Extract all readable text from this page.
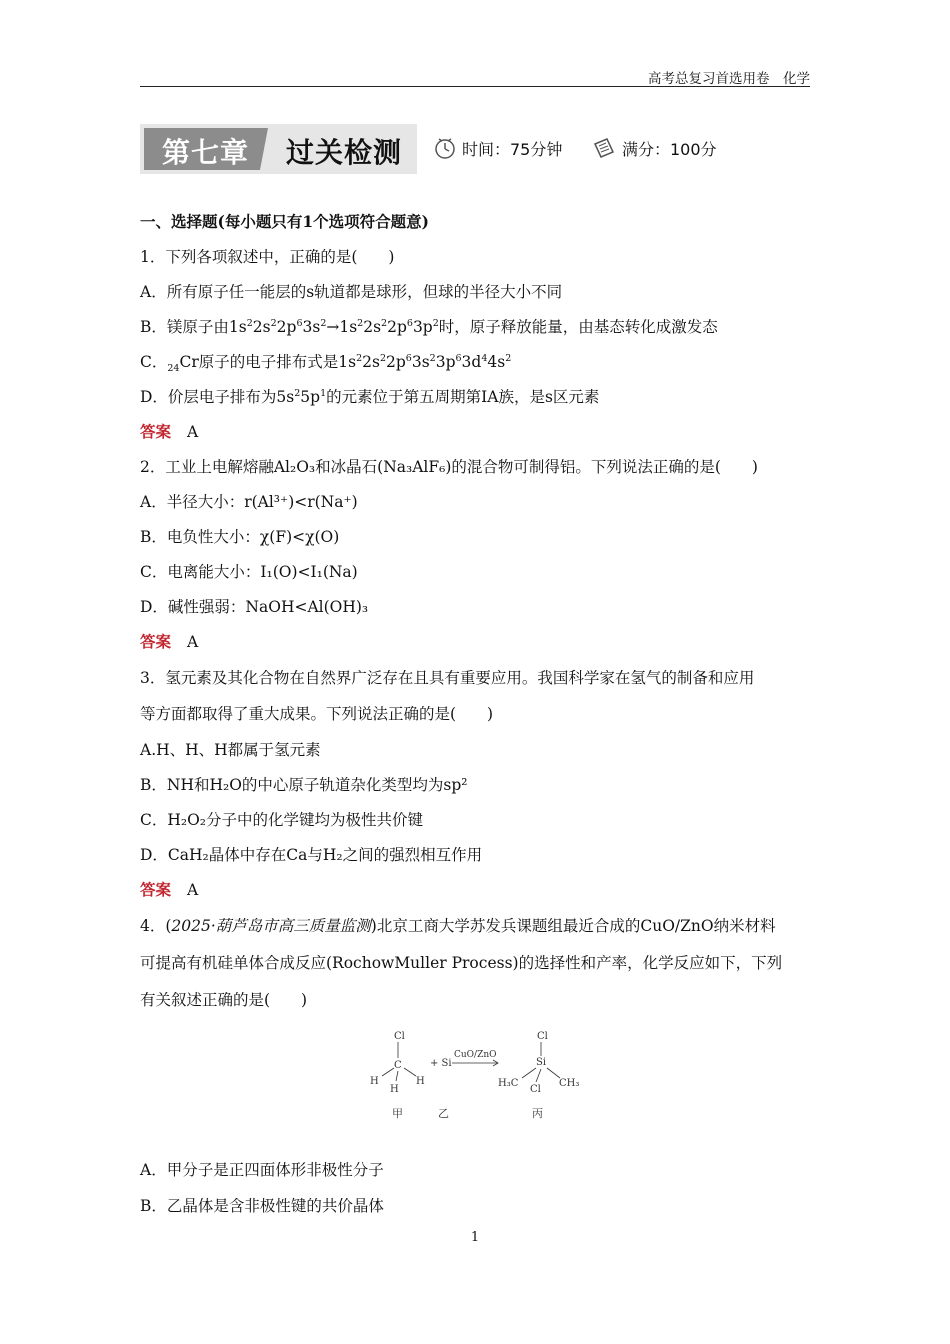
高考总复习首选用卷　化学
第七章 过关检测	时间：75分钟	满分：100分
一、选择题(每小题只有1个选项符合题意)
1．下列各项叙述中，正确的是(　　)
A．所有原子任一能层的s轨道都是球形，但球的半径大小不同
B．镁原子由$1s^22s^22p^63s^2\to 1s^22s^22p^63p^2$时，原子释放能量，由基态转化成激发态
C．$_{24}$Cr原子的电子排布式是$1s^22s^22p^63s^23p^63d^44s^2$
D．价层电子排布为$5s^25p^1$的元素位于第五周期第ⅠA族，是s区元素
答案 A
2．工业上电解熔融Al₂O₃和冰晶石(Na₃AlF₆)的混合物可制得铝。下列说法正确的是(　　)
A．半径大小：r(Al³⁺)<r(Na⁺)
B．电负性大小：χ(F)<χ(O)
C．电离能大小：I₁(O)<I₁(Na)
D．碱性强弱：NaOH<Al(OH)₃
答案 A
3．氢元素及其化合物在自然界广泛存在且具有重要应用。我国科学家在氢气的制备和应用
等方面都取得了重大成果。下列说法正确的是(　　)
A.H、H、H都属于氢元素
B．NH和H₂O的中心原子轨道杂化类型均为sp²
C．H₂O₂分子中的化学键均为极性共价键
D．CaH₂晶体中存在Ca与H₂之间的强烈相互作用
答案 A
4．(2025·葫芦岛市高三质量监测)北京工商大学苏发兵课题组最近合成的CuO/ZnO纳米材料
可提高有机硅单体合成反应(RochowMuller Process)的选择性和产率，化学反应如下，下列
有关叙述正确的是(　　)
Cl
C
H	H
H
+ Si
CuO/ZnO
Cl
Si
H₃C	CH₃
Cl
甲	乙	丙
A．甲分子是正四面体形非极性分子
B．乙晶体是含非极性键的共价晶体
1
